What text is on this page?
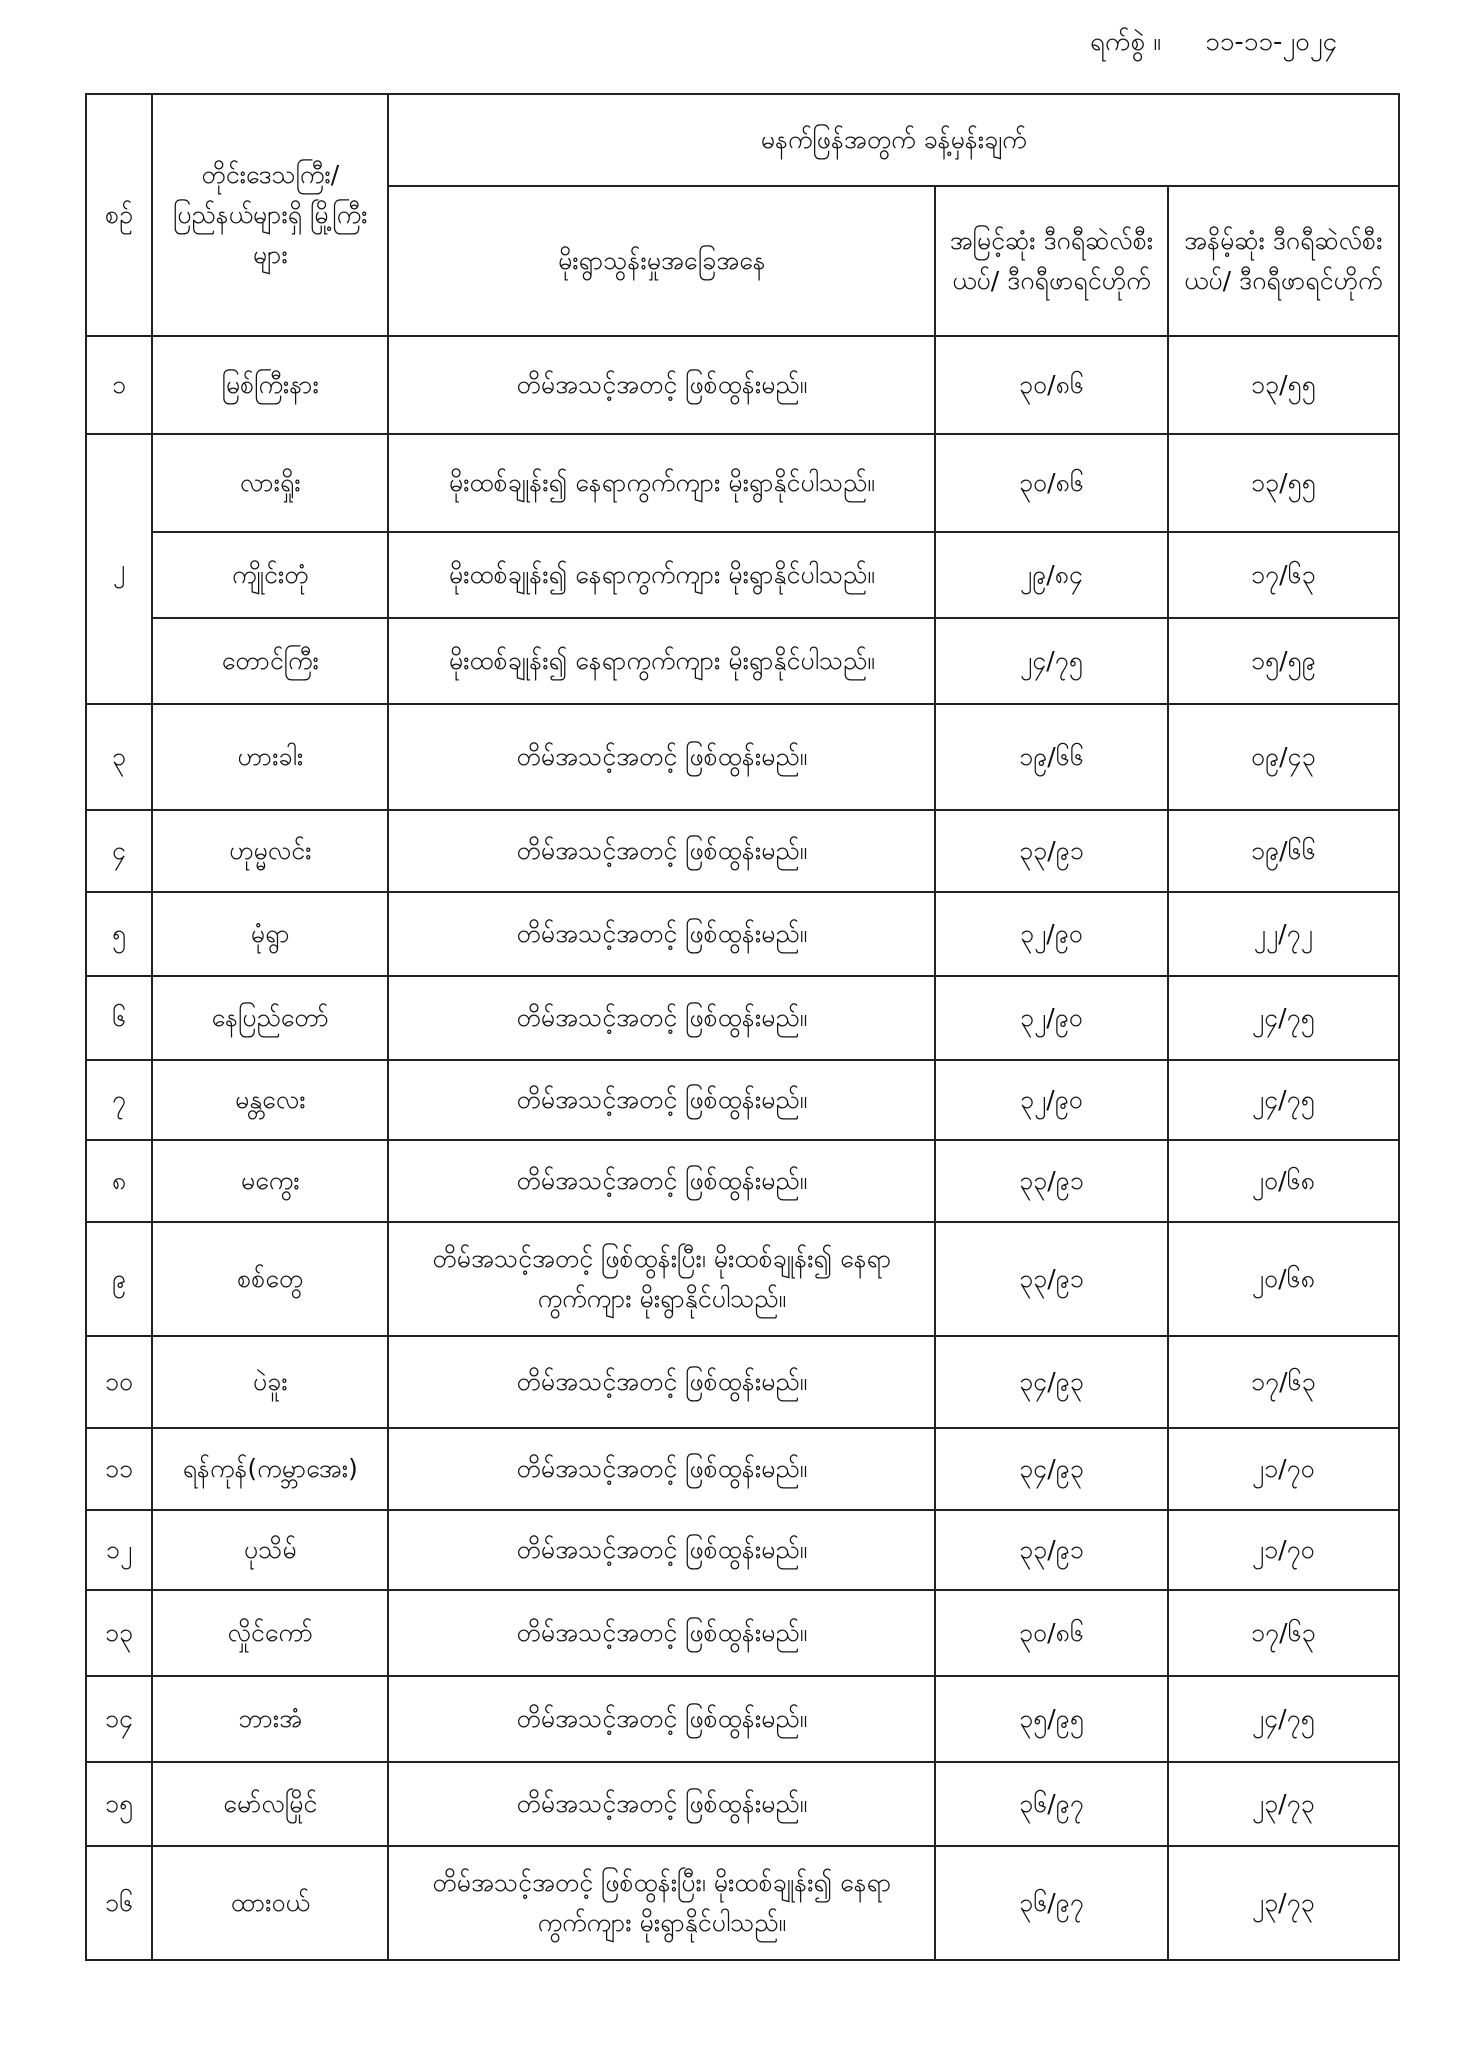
ရက်စွဲ ။ ၁၁-၁၁-၂၀၂၄
စဉ်	တိုင်းဒေသကြီး/ ပြည်နယ်များရှိ မြို့ကြီးများ	မနက်ဖြန်အတွက် ခန့်မှန်းချက်		
		မိုးရွာသွန်းမှုအခြေအနေ	အမြင့်ဆုံး ဒီဂရီဆဲလ်စီးယပ်/ ဒီဂရီဖာရင်ဟိုက်	အနိမ့်ဆုံး ဒီဂရီဆဲလ်စီးယပ်/ ဒီဂရီဖာရင်ဟိုက်
၁	မြစ်ကြီးနား	တိမ်အသင့်အတင့် ဖြစ်ထွန်းမည်။	၃၀/၈၆	၁၃/၅၅
၂	လားရှိုး	မိုးထစ်ချုန်း၍ နေရာကွက်ကျား မိုးရွာနိုင်ပါသည်။	၃၀/၈၆	၁၃/၅၅
	ကျိုင်းတုံ	မိုးထစ်ချုန်း၍ နေရာကွက်ကျား မိုးရွာနိုင်ပါသည်။	၂၉/၈၄	၁၇/၆၃
	တောင်ကြီး	မိုးထစ်ချုန်း၍ နေရာကွက်ကျား မိုးရွာနိုင်ပါသည်။	၂၄/၇၅	၁၅/၅၉
၃	ဟားခါး	တိမ်အသင့်အတင့် ဖြစ်ထွန်းမည်။	၁၉/၆၆	၀၉/၄၃
၄	ဟုမ္မလင်း	တိမ်အသင့်အတင့် ဖြစ်ထွန်းမည်။	၃၃/၉၁	၁၉/၆၆
၅	မုံရွာ	တိမ်အသင့်အတင့် ဖြစ်ထွန်းမည်။	၃၂/၉၀	၂၂/၇၂
၆	နေပြည်တော်	တိမ်အသင့်အတင့် ဖြစ်ထွန်းမည်။	၃၂/၉၀	၂၄/၇၅
၇	မန္တလေး	တိမ်အသင့်အတင့် ဖြစ်ထွန်းမည်။	၃၂/၉၀	၂၄/၇၅
၈	မကွေး	တိမ်အသင့်အတင့် ဖြစ်ထွန်းမည်။	၃၃/၉၁	၂၀/၆၈
၉	စစ်တွေ	တိမ်အသင့်အတင့် ဖြစ်ထွန်းပြီး၊ မိုးထစ်ချုန်း၍ နေရာကွက်ကျား မိုးရွာနိုင်ပါသည်။	၃၃/၉၁	၂၀/၆၈
၁၀	ပဲခူး	တိမ်အသင့်အတင့် ဖြစ်ထွန်းမည်။	၃၄/၉၃	၁၇/၆၃
၁၁	ရန်ကုန်(ကမ္ဘာအေး)	တိမ်အသင့်အတင့် ဖြစ်ထွန်းမည်။	၃၄/၉၃	၂၁/၇၀
၁၂	ပုသိမ်	တိမ်အသင့်အတင့် ဖြစ်ထွန်းမည်။	၃၃/၉၁	၂၁/၇၀
၁၃	လှိုင်ကော်	တိမ်အသင့်အတင့် ဖြစ်ထွန်းမည်။	၃၀/၈၆	၁၇/၆၃
၁၄	ဘားအံ	တိမ်အသင့်အတင့် ဖြစ်ထွန်းမည်။	၃၅/၉၅	၂၄/၇၅
၁၅	မော်လမြိုင်	တိမ်အသင့်အတင့် ဖြစ်ထွန်းမည်။	၃၆/၉၇	၂၃/၇၃
၁၆	ထားဝယ်	တိမ်အသင့်အတင့် ဖြစ်ထွန်းပြီး၊ မိုးထစ်ချုန်း၍ နေရာကွက်ကျား မိုးရွာနိုင်ပါသည်။	၃၆/၉၇	၂၃/၇၃
